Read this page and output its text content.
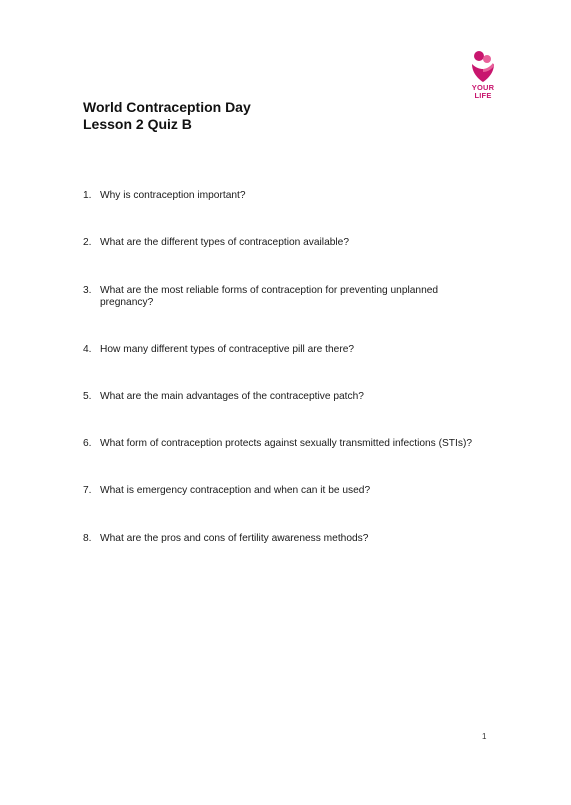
YOUR
LIFE
World Contraception Day
Lesson 2 Quiz B
1. Why is contraception important?
2. What are the different types of contraception available?
3. What are the most reliable forms of contraception for preventing unplanned pregnancy?
4. How many different types of contraceptive pill are there?
5. What are the main advantages of the contraceptive patch?
6. What form of contraception protects against sexually transmitted infections (STIs)?
7. What is emergency contraception and when can it be used?
8. What are the pros and cons of fertility awareness methods?
1
